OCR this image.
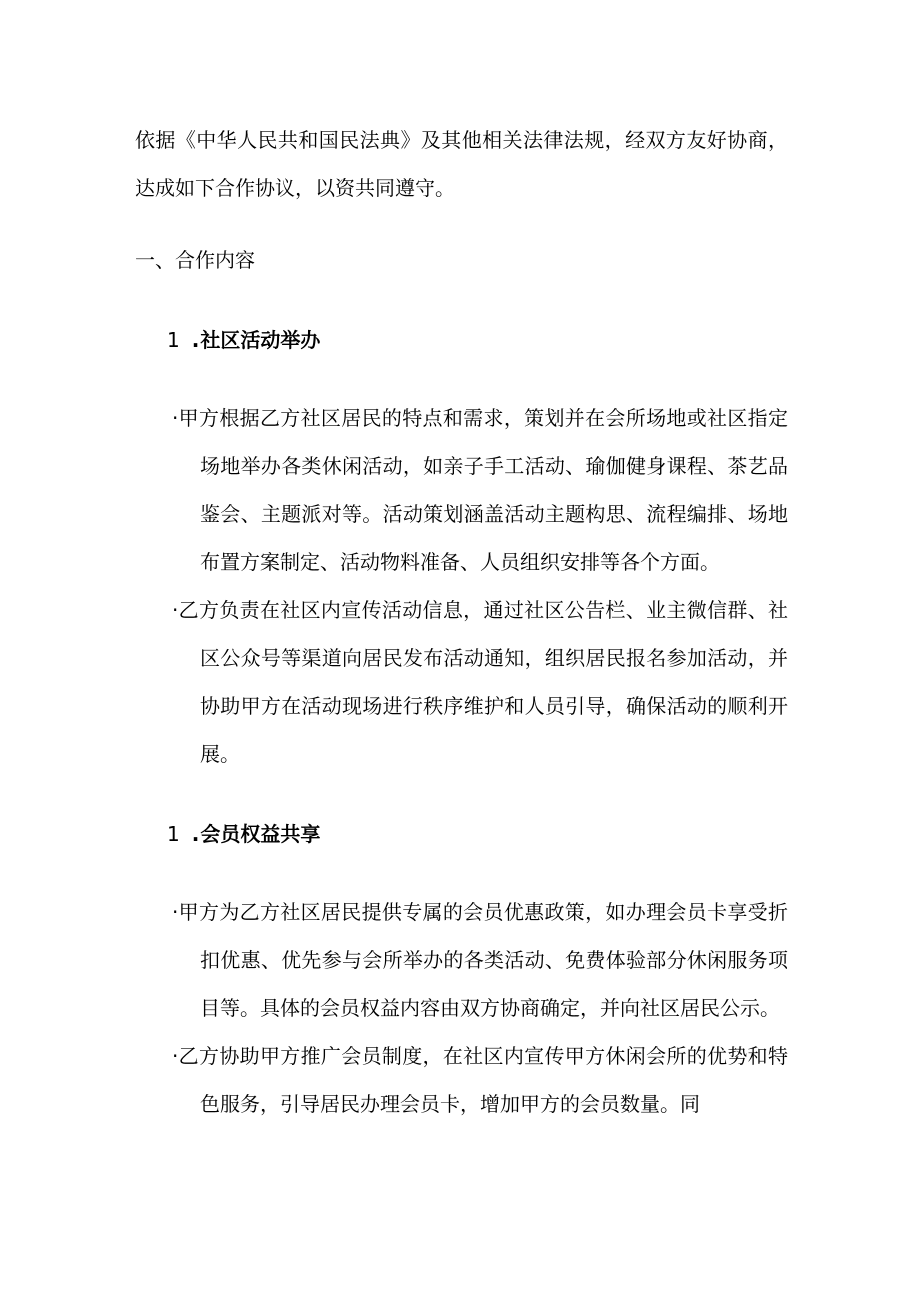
依据《中华人民共和国民法典》及其他相关法律法规，经双方友好协商，达成如下合作协议，以资共同遵守。

一、合作内容

1 .社区活动举办

·甲方根据乙方社区居民的特点和需求，策划并在会所场地或社区指定场地举办各类休闲活动，如亲子手工活动、瑜伽健身课程、茶艺品鉴会、主题派对等。活动策划涵盖活动主题构思、流程编排、场地布置方案制定、活动物料准备、人员组织安排等各个方面。

·乙方负责在社区内宣传活动信息，通过社区公告栏、业主微信群、社区公众号等渠道向居民发布活动通知，组织居民报名参加活动，并协助甲方在活动现场进行秩序维护和人员引导，确保活动的顺利开展。

1 .会员权益共享

·甲方为乙方社区居民提供专属的会员优惠政策，如办理会员卡享受折扣优惠、优先参与会所举办的各类活动、免费体验部分休闲服务项目等。具体的会员权益内容由双方协商确定，并向社区居民公示。

·乙方协助甲方推广会员制度，在社区内宣传甲方休闲会所的优势和特色服务，引导居民办理会员卡，增加甲方的会员数量。同
